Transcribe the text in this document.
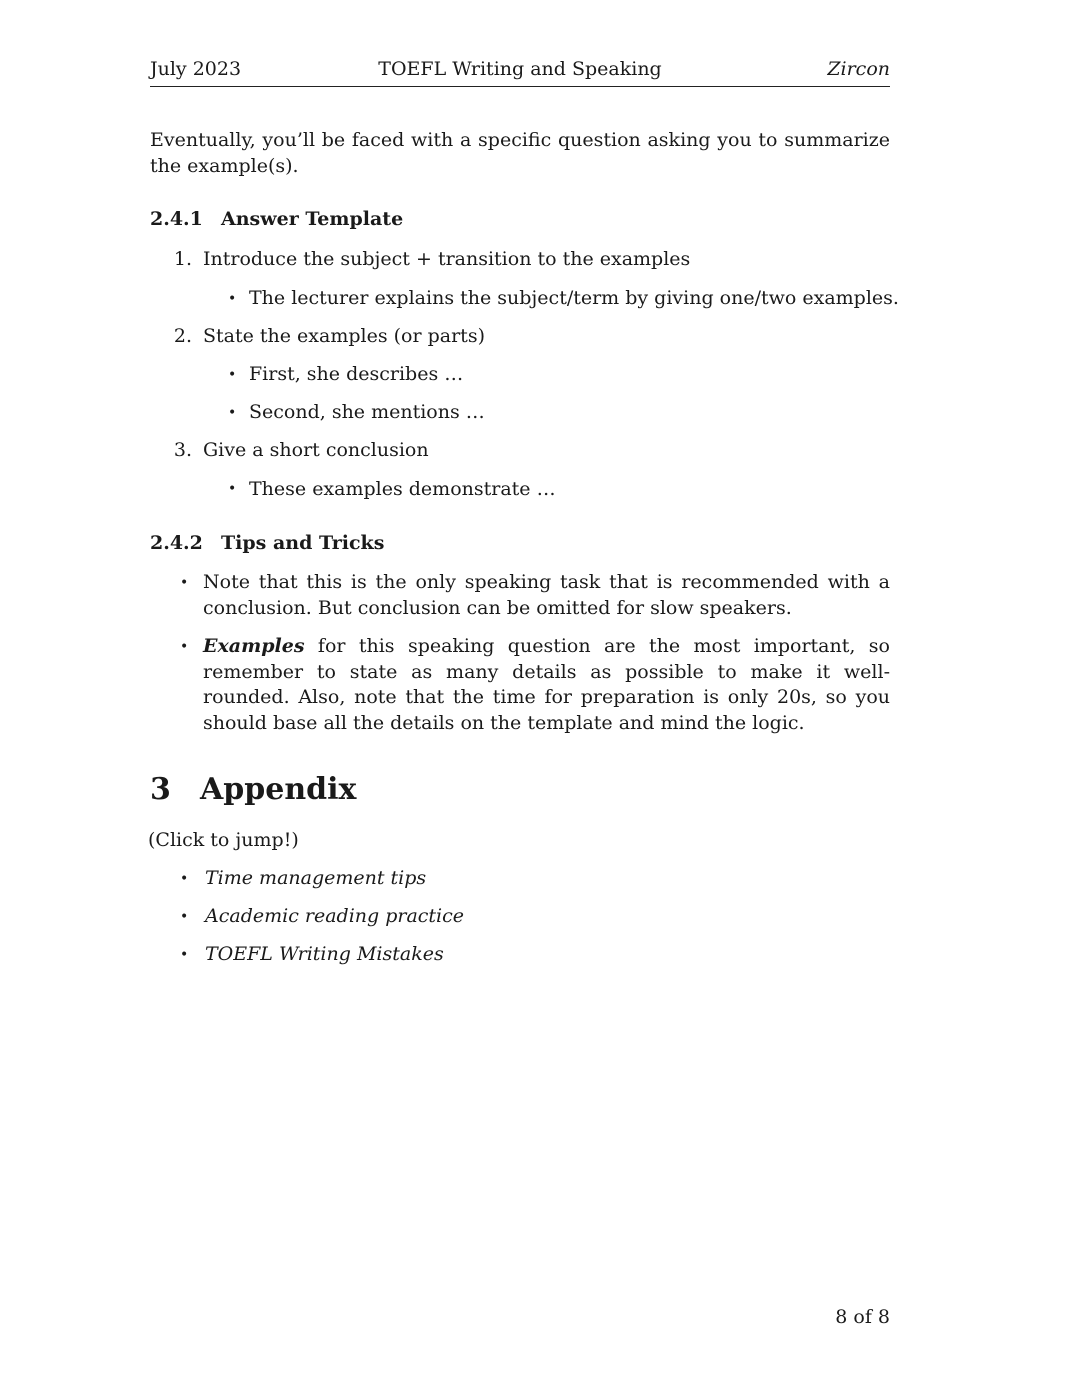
July 2023	TOEFL Writing and Speaking	Zircon
Eventually, you’ll be faced with a specific question asking you to summarize the example(s).
2.4.1 Answer Template
1. Introduce the subject + transition to the examples
• The lecturer explains the subject/term by giving one/two examples.
2. State the examples (or parts)
• First, she describes …
• Second, she mentions …
3. Give a short conclusion
• These examples demonstrate …
2.4.2 Tips and Tricks
• Note that this is the only speaking task that is recommended with a conclusion. But conclusion can be omitted for slow speakers.
• Examples for this speaking question are the most important, so remember to state as many details as possible to make it well-rounded. Also, note that the time for preparation is only 20s, so you should base all the details on the template and mind the logic.
3 Appendix
(Click to jump!)
• Time management tips
• Academic reading practice
• TOEFL Writing Mistakes
8 of 8
